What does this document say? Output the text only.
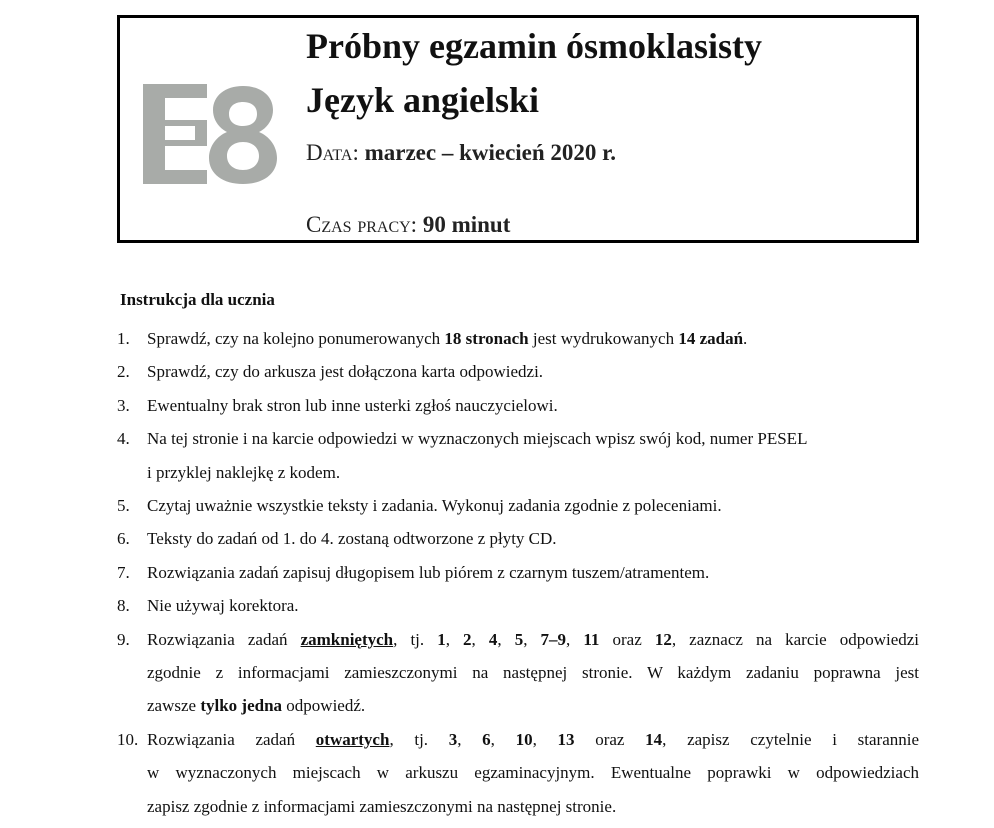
Próbny egzamin ósmoklasisty
Język angielski
Data: marzec – kwiecień 2020 r.
Czas pracy: 90 minut
Instrukcja dla ucznia
1. Sprawdź, czy na kolejno ponumerowanych 18 stronach jest wydrukowanych 14 zadań.
2. Sprawdź, czy do arkusza jest dołączona karta odpowiedzi.
3. Ewentualny brak stron lub inne usterki zgłoś nauczycielowi.
4. Na tej stronie i na karcie odpowiedzi w wyznaczonych miejscach wpisz swój kod, numer PESEL
i przyklej naklejkę z kodem.
5. Czytaj uważnie wszystkie teksty i zadania. Wykonuj zadania zgodnie z poleceniami.
6. Teksty do zadań od 1. do 4. zostaną odtworzone z płyty CD.
7. Rozwiązania zadań zapisuj długopisem lub piórem z czarnym tuszem/atramentem.
8. Nie używaj korektora.
9. Rozwiązania zadań zamkniętych, tj. 1, 2, 4, 5, 7–9, 11 oraz 12, zaznacz na karcie odpowiedzi
zgodnie z informacjami zamieszczonymi na następnej stronie. W każdym zadaniu poprawna jest
zawsze tylko jedna odpowiedź.
10. Rozwiązania zadań otwartych, tj. 3, 6, 10, 13 oraz 14, zapisz czytelnie i starannie
w wyznaczonych miejscach w arkuszu egzaminacyjnym. Ewentualne poprawki w odpowiedziach
zapisz zgodnie z informacjami zamieszczonymi na następnej stronie.
